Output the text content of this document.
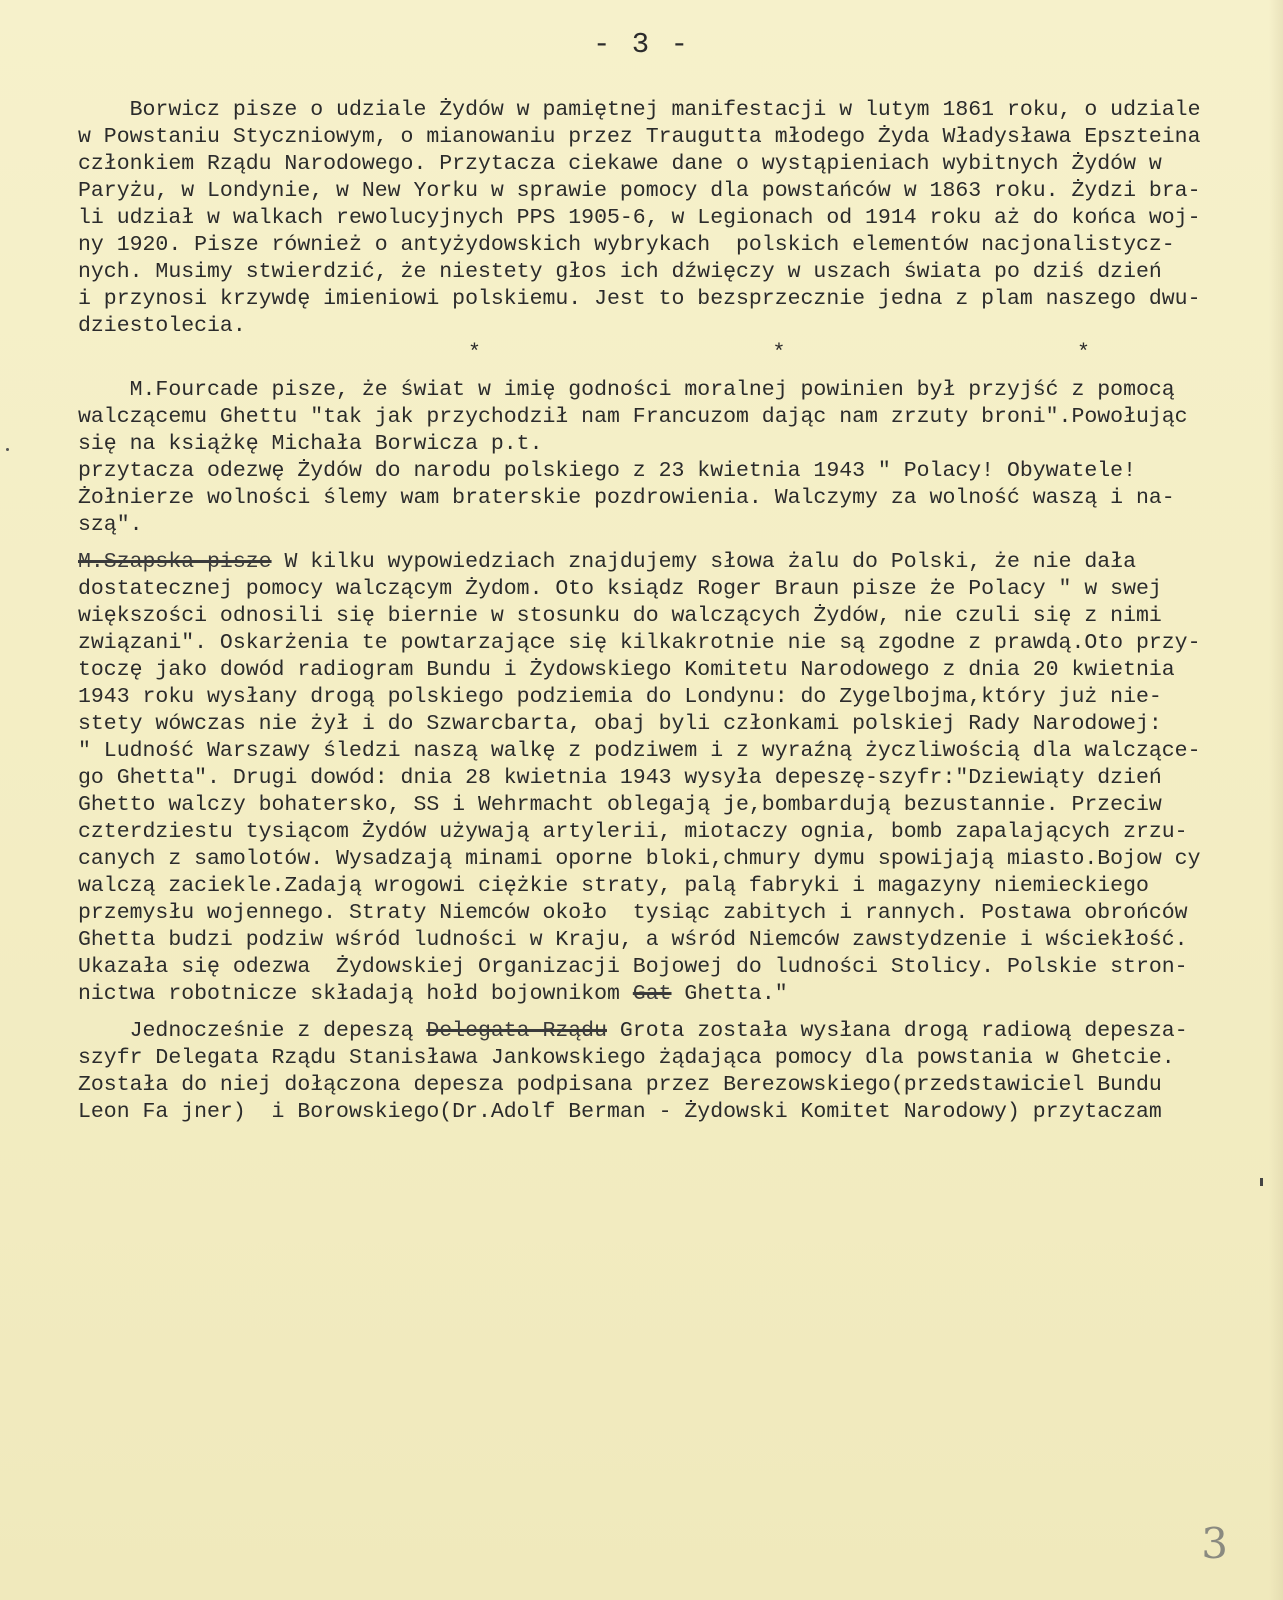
- 3 -
Borwicz pisze o udziale Żydów w pamiętnej manifestacji w lutym 1861 roku, o udziale
w Powstaniu Styczniowym, o mianowaniu przez Traugutta młodego Żyda Władysława Epszteina
członkiem Rządu Narodowego. Przytacza ciekawe dane o wystąpieniach wybitnych Żydów w
Paryżu, w Londynie, w New Yorku w sprawie pomocy dla powstańców w 1863 roku. Żydzi bra-
li udział w walkach rewolucyjnych PPS 1905-6, w Legionach od 1914 roku aż do końca woj-
ny 1920. Pisze również o antyżydowskich wybrykach  polskich elementów nacjonalistycz-
nych. Musimy stwierdzić, że niestety głos ich dźwięczy w uszach świata po dziś dzień
i przynosi krzywdę imieniowi polskiemu. Jest to bezsprzecznie jedna z plam naszego dwu-
dziestolecia.
*    *    *
M.Fourcade pisze, że świat w imię godności moralnej powinien był przyjść z pomocą
walczącemu Ghettu "tak jak przychodził nam Francuzom dając nam zrzuty broni".Powołując
się na książkę Michała Borwicza p.t.
przytacza odezwę Żydów do narodu polskiego z 23 kwietnia 1943 " Polacy! Obywatele!
Żołnierze wolności ślemy wam braterskie pozdrowienia. Walczymy za wolność waszą i na-
szą".
M.Szapska pisze W kilku wypowiedziach znajdujemy słowa żalu do Polski, że nie dała
dostatecznej pomocy walczącym Żydom. Oto ksiądz Roger Braun pisze że Polacy " w swej
większości odnosili się biernie w stosunku do walczących Żydów, nie czuli się z nimi
związani". Oskarżenia te powtarzające się kilkakrotnie nie są zgodne z prawdą.Oto przy-
toczę jako dowód radiogram Bundu i Żydowskiego Komitetu Narodowego z dnia 20 kwietnia
1943 roku wysłany drogą polskiego podziemia do Londynu: do Zygelbojma,który już nie-
stety wówczas nie żył i do Szwarcbarta, obaj byli członkami polskiej Rady Narodowej:
" Ludność Warszawy śledzi naszą walkę z podziwem i z wyraźną życzliwością dla walczące-
go Ghetta". Drugi dowód: dnia 28 kwietnia 1943 wysyła depeszę-szyfr:"Dziewiąty dzień
Ghetto walczy bohatersko, SS i Wehrmacht oblegają je,bombardują bezustannie. Przeciw
czterdziestu tysiącom Żydów używają artylerii, miotaczy ognia, bomb zapalających zrzu-
canych z samolotów. Wysadzają minami oporne bloki,chmury dymu spowijają miasto.Bojow cy
walczą zaciekle.Zadają wrogowi ciężkie straty, palą fabryki i magazyny niemieckiego
przemysłu wojennego. Straty Niemców około  tysiąc zabitych i rannych. Postawa obrońców
Ghetta budzi podziw wśród ludności w Kraju, a wśród Niemców zawstydzenie i wściekłość.
Ukazała się odezwa  Żydowskiej Organizacji Bojowej do ludności Stolicy. Polskie stron-
nictwa robotnicze składają hołd bojownikom Gat Ghetta."
Jednocześnie z depeszą Delegata Rządu Grota została wysłana drogą radiową depesza-
szyfr Delegata Rządu Stanisława Jankowskiego żądająca pomocy dla powstania w Ghetcie.
Została do niej dołączona depesza podpisana przez Berezowskiego(przedstawiciel Bundu
Leon Fa jner)  i Borowskiego(Dr.Adolf Berman - Żydowski Komitet Narodowy) przytaczam
3
